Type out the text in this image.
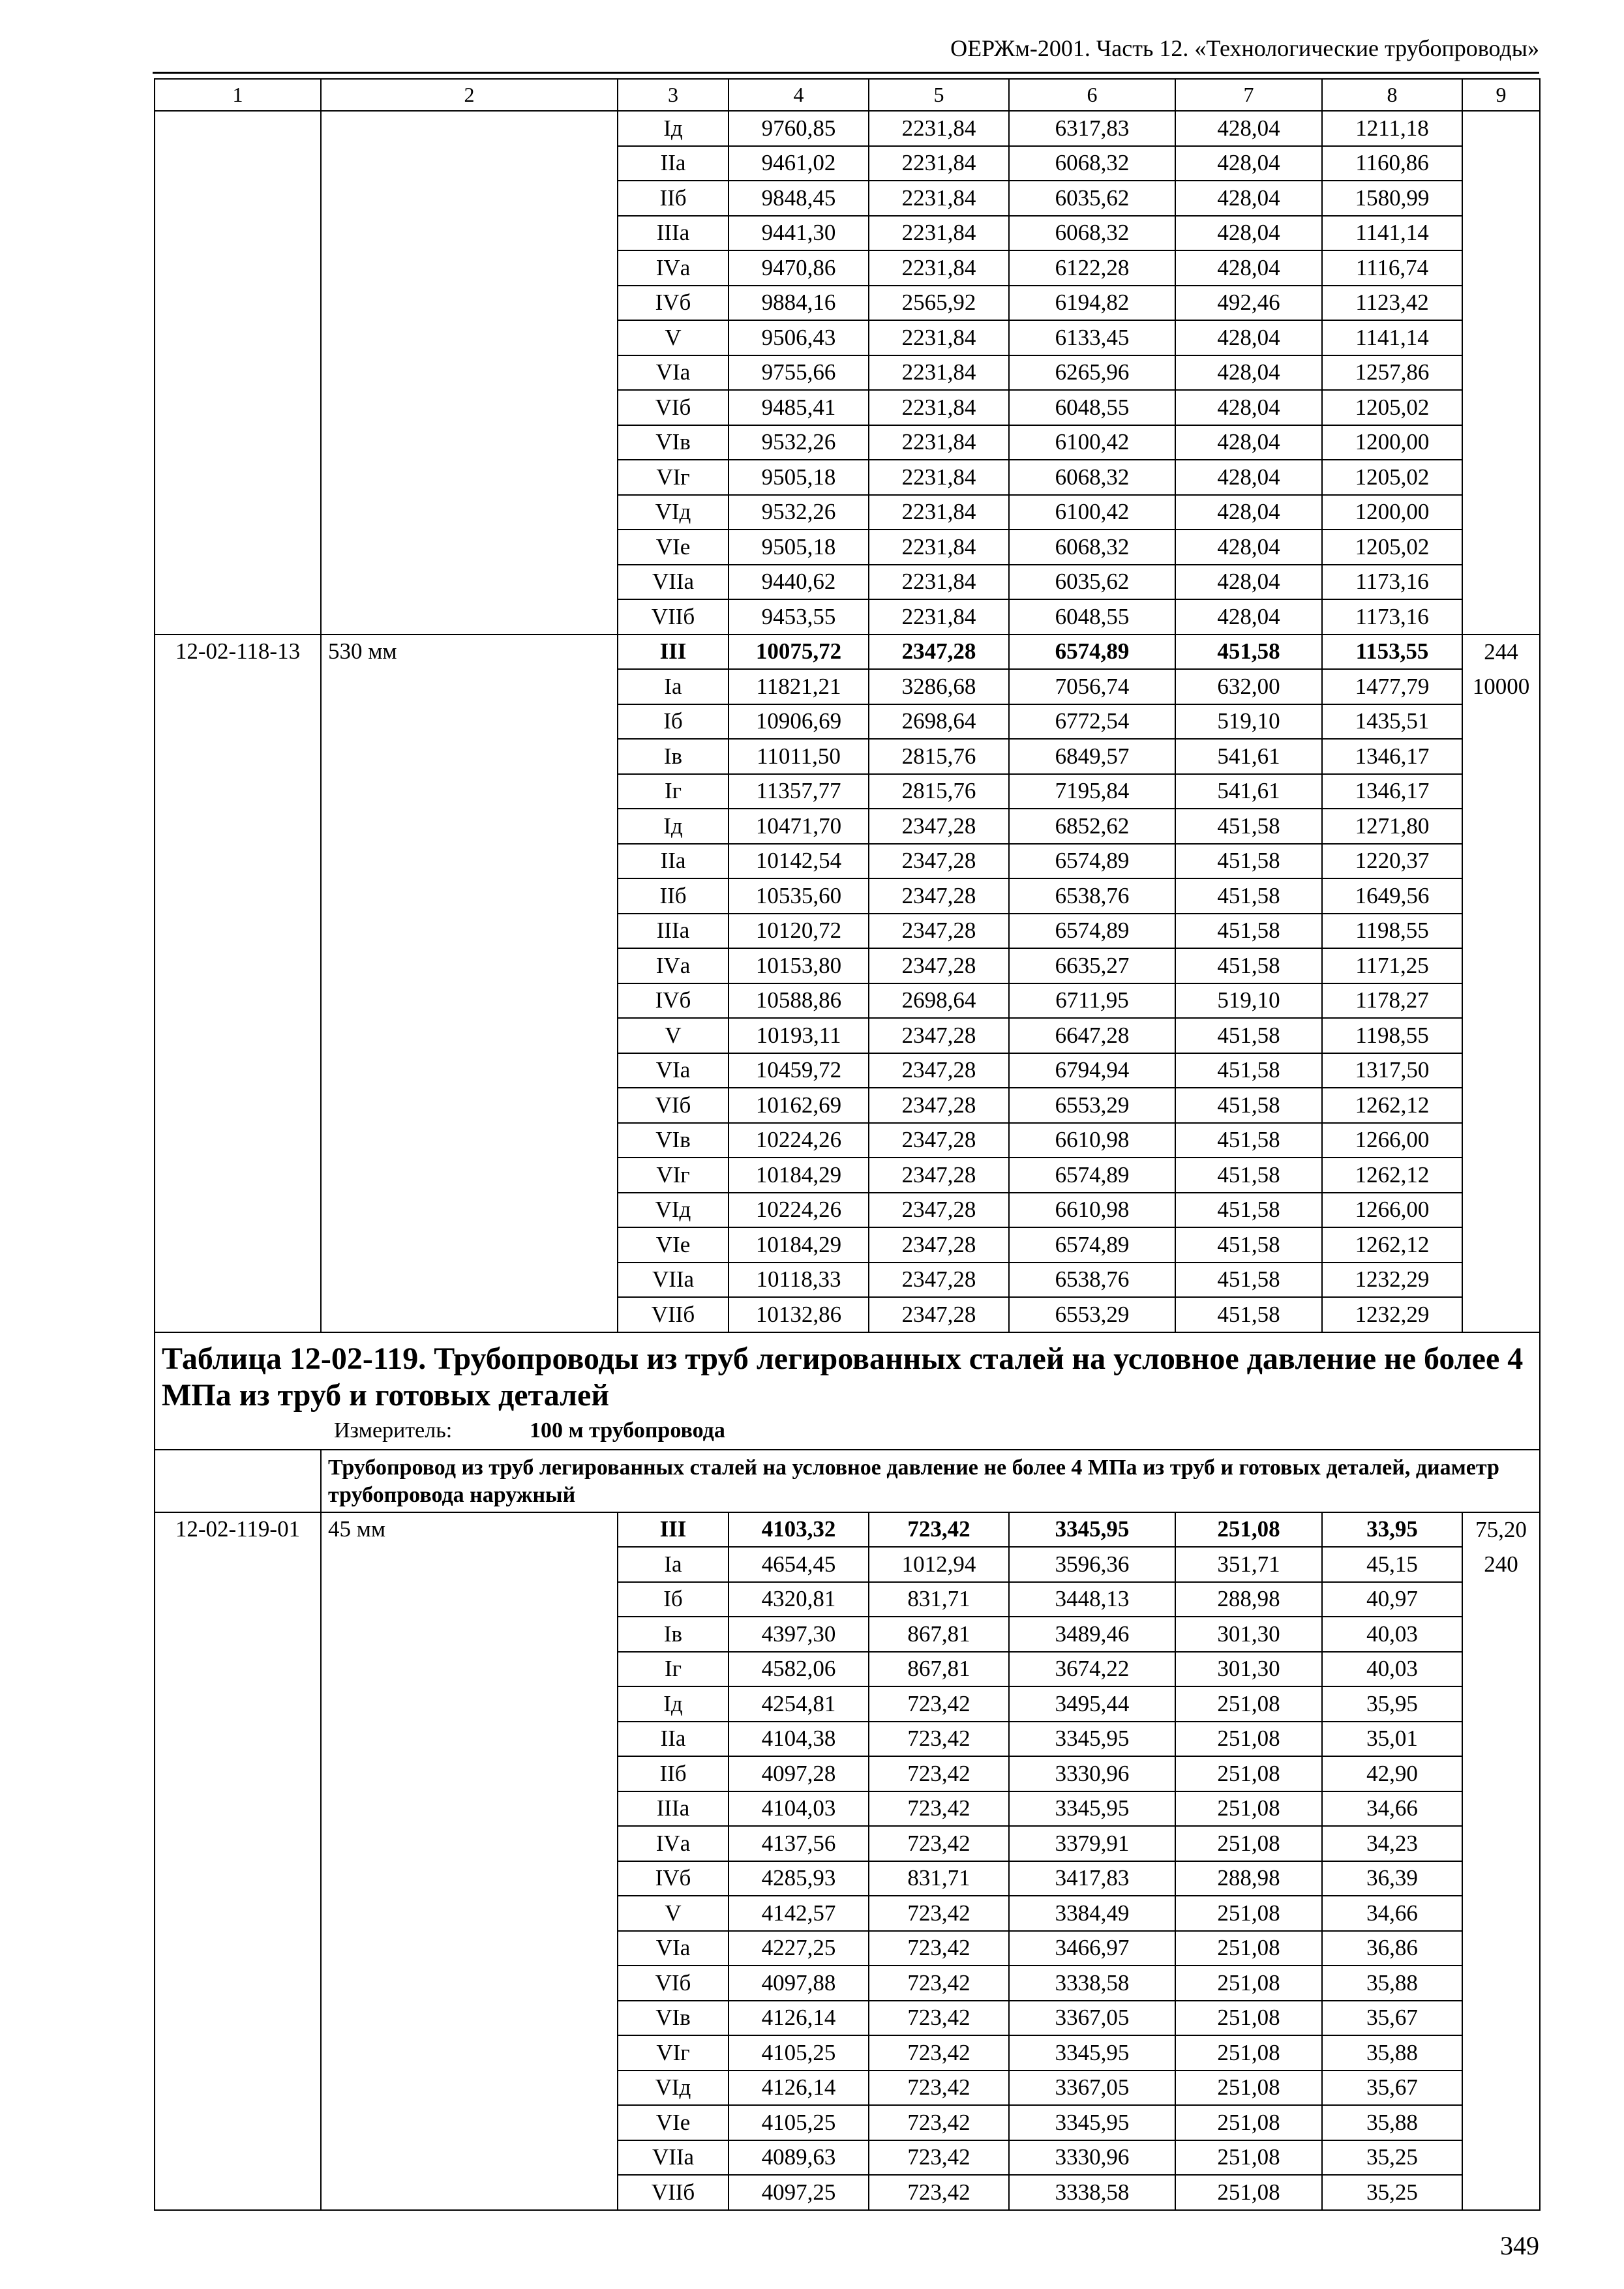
ОЕРЖм-2001. Часть 12. «Технологические трубопроводы»
1	2	3	4	5	6	7	8	9
		Iд	9760,85	2231,84	6317,83	428,04	1211,18	
		IIа	9461,02	2231,84	6068,32	428,04	1160,86	
		IIб	9848,45	2231,84	6035,62	428,04	1580,99	
		IIIа	9441,30	2231,84	6068,32	428,04	1141,14	
		IVа	9470,86	2231,84	6122,28	428,04	1116,74	
		IVб	9884,16	2565,92	6194,82	492,46	1123,42	
		V	9506,43	2231,84	6133,45	428,04	1141,14	
		VIа	9755,66	2231,84	6265,96	428,04	1257,86	
		VIб	9485,41	2231,84	6048,55	428,04	1205,02	
		VIв	9532,26	2231,84	6100,42	428,04	1200,00	
		VIг	9505,18	2231,84	6068,32	428,04	1205,02	
		VIд	9532,26	2231,84	6100,42	428,04	1200,00	
		VIе	9505,18	2231,84	6068,32	428,04	1205,02	
		VIIа	9440,62	2231,84	6035,62	428,04	1173,16	
		VIIб	9453,55	2231,84	6048,55	428,04	1173,16	
12-02-118-13	530 мм	III	10075,72	2347,28	6574,89	451,58	1153,55	244
		Iа	11821,21	3286,68	7056,74	632,00	1477,79	10000
		Iб	10906,69	2698,64	6772,54	519,10	1435,51	
		Iв	11011,50	2815,76	6849,57	541,61	1346,17	
		Iг	11357,77	2815,76	7195,84	541,61	1346,17	
		Iд	10471,70	2347,28	6852,62	451,58	1271,80	
		IIа	10142,54	2347,28	6574,89	451,58	1220,37	
		IIб	10535,60	2347,28	6538,76	451,58	1649,56	
		IIIа	10120,72	2347,28	6574,89	451,58	1198,55	
		IVа	10153,80	2347,28	6635,27	451,58	1171,25	
		IVб	10588,86	2698,64	6711,95	519,10	1178,27	
		V	10193,11	2347,28	6647,28	451,58	1198,55	
		VIа	10459,72	2347,28	6794,94	451,58	1317,50	
		VIб	10162,69	2347,28	6553,29	451,58	1262,12	
		VIв	10224,26	2347,28	6610,98	451,58	1266,00	
		VIг	10184,29	2347,28	6574,89	451,58	1262,12	
		VIд	10224,26	2347,28	6610,98	451,58	1266,00	
		VIе	10184,29	2347,28	6574,89	451,58	1262,12	
		VIIа	10118,33	2347,28	6538,76	451,58	1232,29	
		VIIб	10132,86	2347,28	6553,29	451,58	1232,29	

Таблица 12-02-119. Трубопроводы из труб легированных сталей на условное давление не более 4 МПа из труб и готовых деталей
Измеритель: 100 м трубопровода								

	Трубопровод из труб легированных сталей на условное давление не более 4 МПа из труб и готовых деталей, диаметр трубопровода наружный							
12-02-119-01	45 мм	III	4103,32	723,42	3345,95	251,08	33,95	75,20
		Iа	4654,45	1012,94	3596,36	351,71	45,15	240
		Iб	4320,81	831,71	3448,13	288,98	40,97	
		Iв	4397,30	867,81	3489,46	301,30	40,03	
		Iг	4582,06	867,81	3674,22	301,30	40,03	
		Iд	4254,81	723,42	3495,44	251,08	35,95	
		IIа	4104,38	723,42	3345,95	251,08	35,01	
		IIб	4097,28	723,42	3330,96	251,08	42,90	
		IIIа	4104,03	723,42	3345,95	251,08	34,66	
		IVа	4137,56	723,42	3379,91	251,08	34,23	
		IVб	4285,93	831,71	3417,83	288,98	36,39	
		V	4142,57	723,42	3384,49	251,08	34,66	
		VIа	4227,25	723,42	3466,97	251,08	36,86	
		VIб	4097,88	723,42	3338,58	251,08	35,88	
		VIв	4126,14	723,42	3367,05	251,08	35,67	
		VIг	4105,25	723,42	3345,95	251,08	35,88	
		VIд	4126,14	723,42	3367,05	251,08	35,67	
		VIе	4105,25	723,42	3345,95	251,08	35,88	
		VIIа	4089,63	723,42	3330,96	251,08	35,25	
		VIIб	4097,25	723,42	3338,58	251,08	35,25	
349
